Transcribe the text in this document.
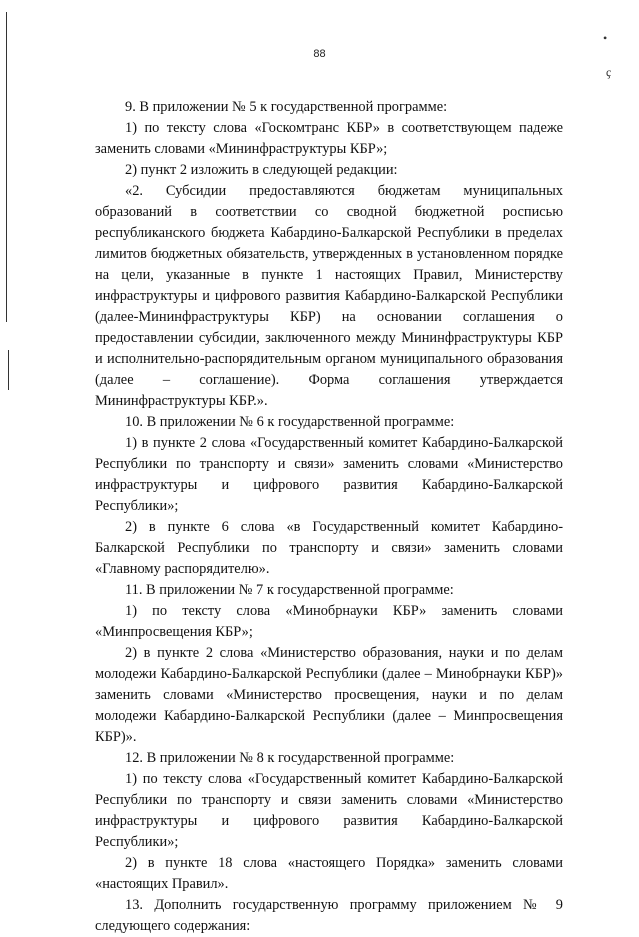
•
ҫ
88

9. В приложении № 5 к государственной программе:

1) по тексту слова «Госкомтранс КБР» в соответствующем падеже заменить словами «Мининфраструктуры КБР»;

2) пункт 2 изложить в следующей редакции:

«2. Субсидии предоставляются бюджетам муниципальных образований в соответствии со сводной бюджетной росписью республиканского бюджета Кабардино-Балкарской Республики в пределах лимитов бюджетных обязательств, утвержденных в установленном порядке на цели, указанные в пункте 1 настоящих Правил, Министерству инфраструктуры и цифрового развития Кабардино-Балкарской Республики (далее-Мининфраструктуры КБР) на основании соглашения о предоставлении субсидии, заключенного между Мининфраструктуры КБР и исполнительно-распорядительным органом муниципального образования (далее – соглашение). Форма соглашения утверждается Мининфраструктуры КБР.».

10. В приложении № 6 к государственной программе:

1) в пункте 2 слова «Государственный комитет Кабардино-Балкарской Республики по транспорту и связи» заменить словами «Министерство инфраструктуры и цифрового развития Кабардино-Балкарской Республики»;

2) в пункте 6 слова «в Государственный комитет Кабардино-Балкарской Республики по транспорту и связи» заменить словами «Главному распорядителю».

11. В приложении № 7 к государственной программе:

1) по тексту слова «Минобрнауки КБР» заменить словами «Минпросвещения КБР»;

2) в пункте 2 слова «Министерство образования, науки и по делам молодежи Кабардино-Балкарской Республики (далее – Минобрнауки КБР)» заменить словами «Министерство просвещения, науки и по делам молодежи Кабардино-Балкарской Республики (далее – Минпросвещения КБР)».

12. В приложении № 8 к государственной программе:

1) по тексту слова «Государственный комитет Кабардино-Балкарской Республики по транспорту и связи заменить словами «Министерство инфраструктуры и цифрового развития Кабардино-Балкарской Республики»;

2) в пункте 18 слова «настоящего Порядка» заменить словами «настоящих Правил».

13. Дополнить государственную программу приложением № 9 следующего содержания:
